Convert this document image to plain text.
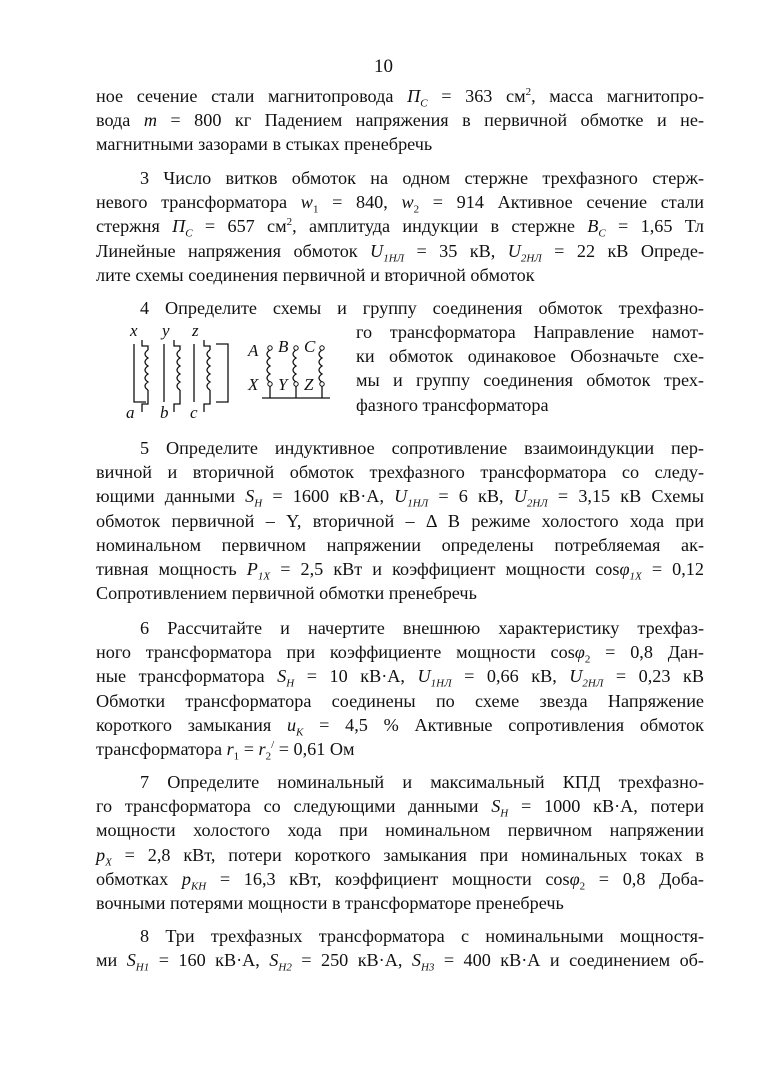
10
ное сечение стали магнитопровода $П_С = 363$ $см^2$, масса магнитопро-
вода m = 800 кг Падением напряжения в первичной обмотке и не-
магнитными зазорами в стыках пренебречь
3 Число витков обмоток на одном стержне трехфазного стерж-
невого трансформатора $w_1 = 840$, $w_2 = 914$ Активное сечение стали
стержня $П_С = 657$ $см^2$, амплитуда индукции в стержне $B_С = 1,65$ Тл
Линейные напряжения обмоток $U_{1НЛ} = 35$ кВ, $U_{2НЛ} = 22$ кВ Опреде-
лите схемы соединения первичной и вторичной обмоток
4 Определите схемы и группу соединения обмоток трехфазно-
го трансформатора Направление намот-
ки обмоток одинаковое Обозначьте схе-
мы и группу соединения обмоток трех-
фазного трансформатора
x y z
a b c
A B C
X Y Z
5 Определите индуктивное сопротивление взаимоиндукции пер-
вичной и вторичной обмоток трехфазного трансформатора со следу-
ющими данными $S_Н = 1600$ кВ·А, $U_{1НЛ} = 6$ кВ, $U_{2НЛ} = 3,15$ кВ Схемы
обмоток первичной – Y, вторичной – Δ В режиме холостого хода при
номинальном первичном напряжении определены потребляемая ак-
тивная мощность $P_{1X} = 2,5$ кВт и коэффициент мощности cosφ$_{1X}$ = 0,12
Сопротивлением первичной обмотки пренебречь
6 Рассчитайте и начертите внешнюю характеристику трехфаз-
ного трансформатора при коэффициенте мощности cosφ$_2$ = 0,8 Дан-
ные трансформатора $S_Н = 10$ кВ·А, $U_{1НЛ} = 0,66$ кВ, $U_{2НЛ} = 0,23$ кВ
Обмотки трансформатора соединены по схеме звезда Напряжение
короткого замыкания $u_К = 4,5$ % Активные сопротивления обмоток
трансформатора $r_1 = r_2^/ = 0,61$ Ом
7 Определите номинальный и максимальный КПД трехфазно-
го трансформатора со следующими данными $S_Н = 1000$ кВ·А, потери
мощности холостого хода при номинальном первичном напряжении
$p_X = 2,8$ кВт, потери короткого замыкания при номинальных токах в
обмотках $p_{КН} = 16,3$ кВт, коэффициент мощности cosφ$_2$ = 0,8 Доба-
вочными потерями мощности в трансформаторе пренебречь
8 Три трехфазных трансформатора с номинальными мощностя-
ми $S_{Н1} = 160$ кВ·А, $S_{Н2} = 250$ кВ·А, $S_{Н3} = 400$ кВ·А и соединением об-
